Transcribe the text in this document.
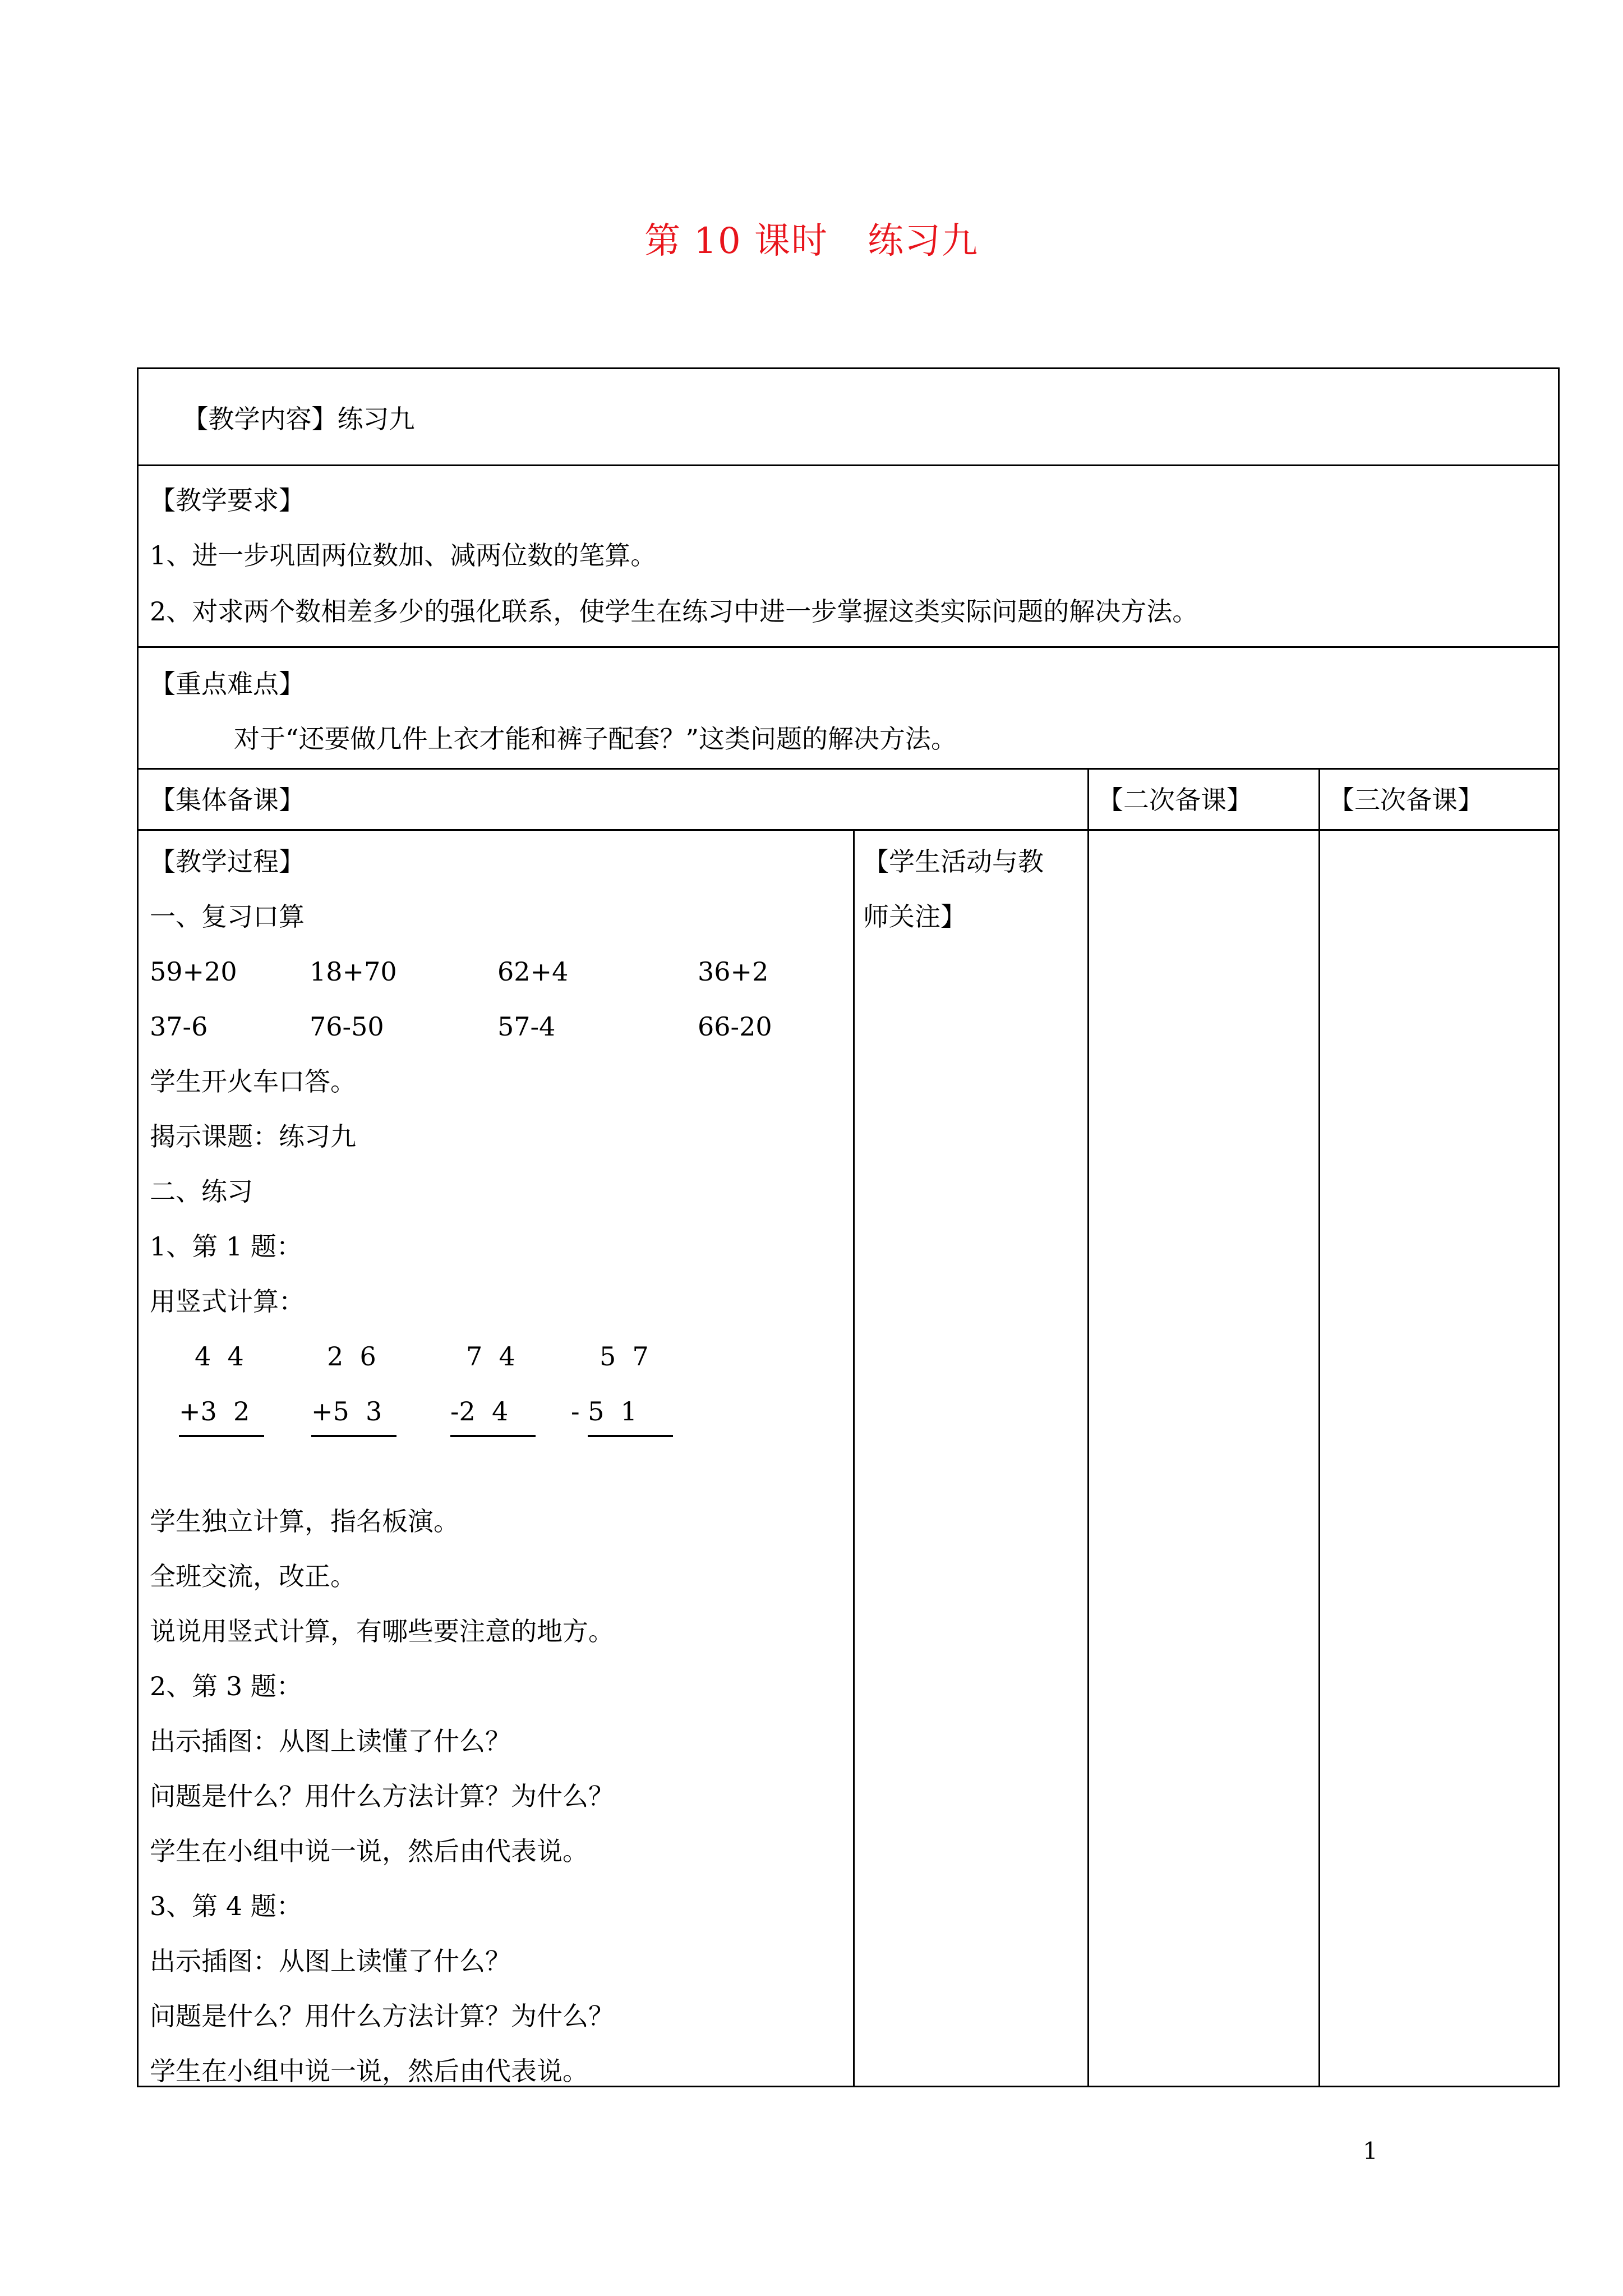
第 10 课时 练习九

【教学内容】练习九

【教学要求】
1、进一步巩固两位数加、减两位数的笔算。
2、对求两个数相差多少的强化联系，使学生在练习中进一步掌握这类实际问题的解决方法。
【重点难点】
对于“还要做几件上衣才能和裤子配套？”这类问题的解决方法。
【集体备课】	【二次备课】	【三次备课】
【学生活动与教
师关注】
【教学过程】
一、复习口算
59+20	18+70	62+4	36+2
37-6	76-50	57-4	66-20
学生开火车口答。
揭示课题：练习九
二、练习
1、第 1 题：
用竖式计算：
4  4	2  6	7  4	5  7
+3  2 +5  3	-2  4 - 5  1
学生独立计算，指名板演。
全班交流，改正。
说说用竖式计算，有哪些要注意的地方。
2、第 3 题：
出示插图：从图上读懂了什么？
问题是什么？用什么方法计算？为什么？
学生在小组中说一说，然后由代表说。
3、第 4 题：
出示插图：从图上读懂了什么？
问题是什么？用什么方法计算？为什么？
学生在小组中说一说，然后由代表说。
1
